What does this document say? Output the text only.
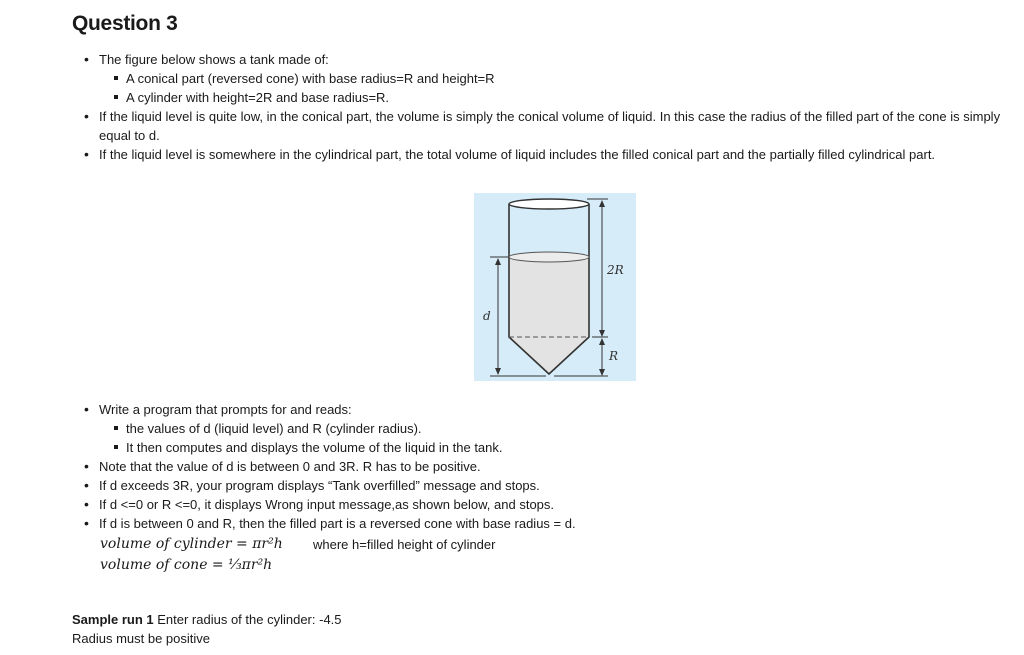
Question 3
• The figure below shows a tank made of:
A conical part (reversed cone) with base radius=R and height=R
A cylinder with height=2R and base radius=R.
• If the liquid level is quite low, in the conical part, the volume is simply the conical volume of liquid. In this case the radius of the filled part of the cone is simply equal to d.
• If the liquid level is somewhere in the cylindrical part, the total volume of liquid includes the filled conical part and the partially filled cylindrical part.
2R
R
d
• Write a program that prompts for and reads:
the values of d (liquid level) and R (cylinder radius).
It then computes and displays the volume of the liquid in the tank.
• Note that the value of d is between 0 and 3R. R has to be positive.
• If d exceeds 3R, your program displays “Tank overfilled” message and stops.
• If d <=0 or R <=0, it displays Wrong input message,as shown below, and stops.
• If d is between 0 and R, then the filled part is a reversed cone with base radius = d.
volume of cylinder = πr²h where h=filled height of cylinder
volume of cone = ⅓πr²h
Sample run 1 Enter radius of the cylinder: -4.5
Radius must be positive
